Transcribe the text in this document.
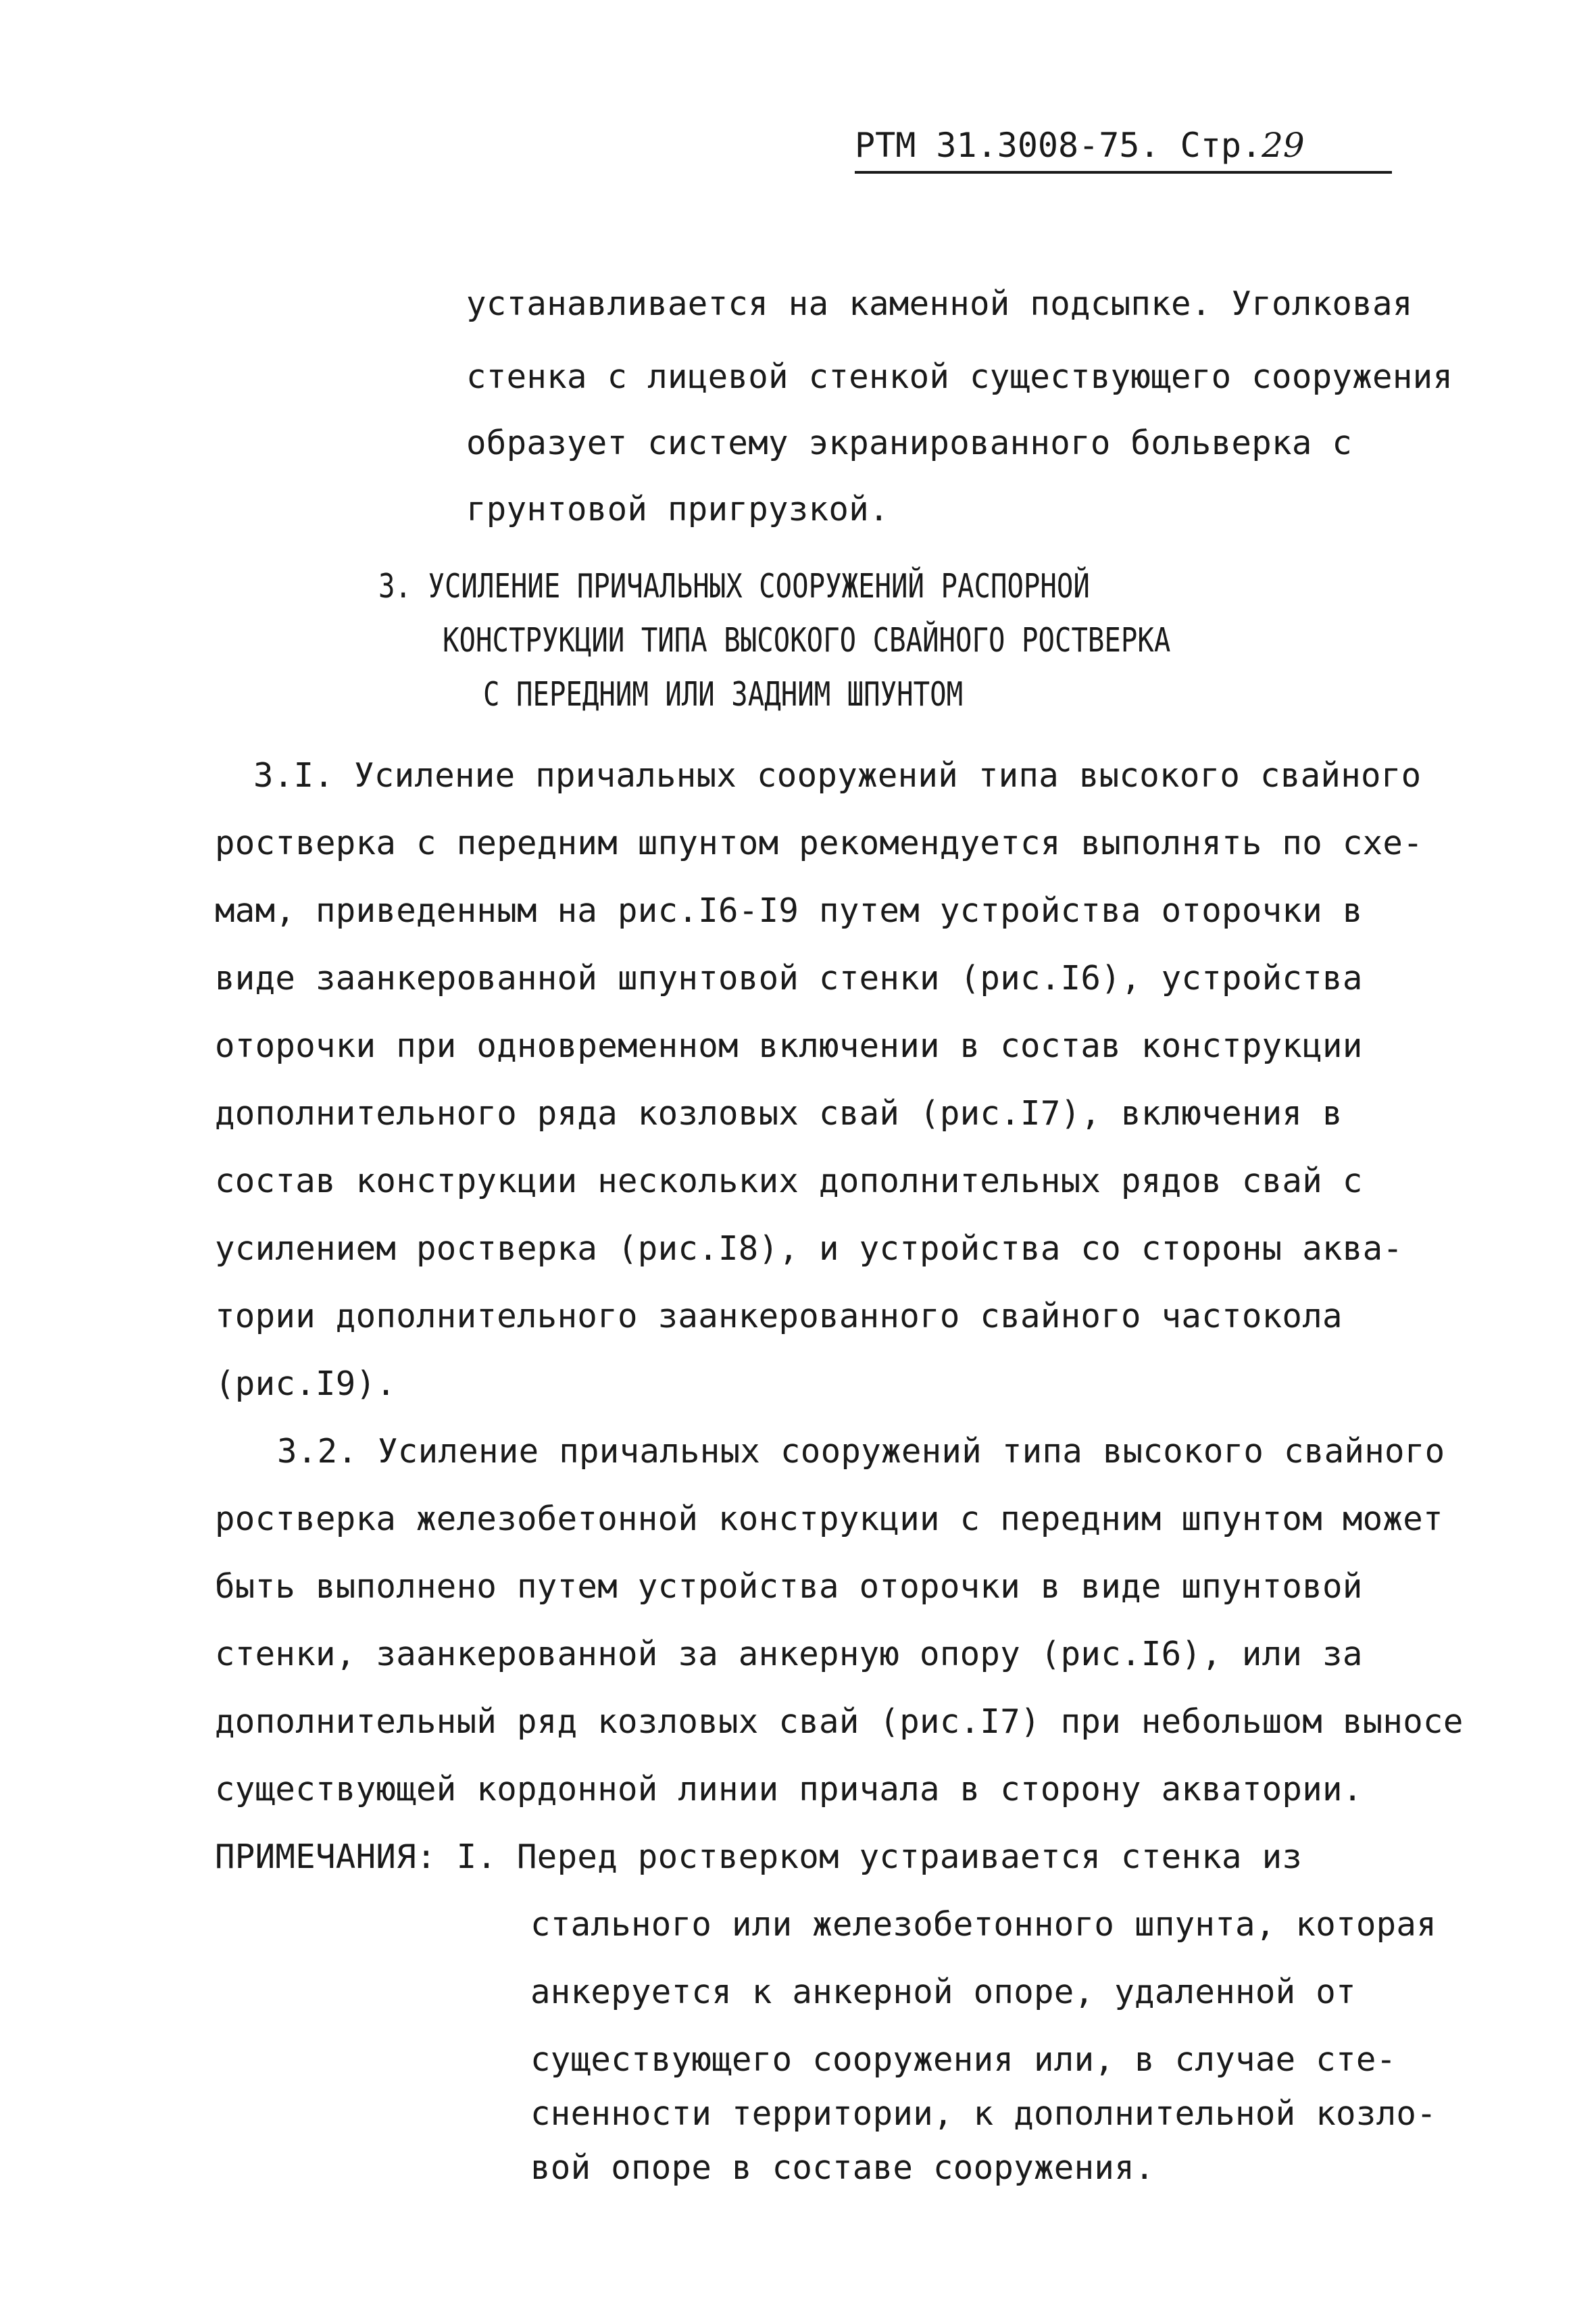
РТМ 31.3008-75. Стр.29
устанавливается на каменной подсыпке. Уголковая
стенка с лицевой стенкой существующего сооружения
образует систему экранированного больверка с
грунтовой пригрузкой.
3. УСИЛЕНИЕ ПРИЧАЛЬНЫХ СООРУЖЕНИЙ РАСПОРНОЙ
КОНСТРУКЦИИ ТИПА ВЫСОКОГО СВАЙНОГО РОСТВЕРКА
С ПЕРЕДНИМ ИЛИ ЗАДНИМ ШПУНТОМ
3.I. Усиление причальных сооружений типа высокого свайного
ростверка с передним шпунтом рекомендуется выполнять по схе-
мам, приведенным на рис.I6-I9 путем устройства оторочки в
виде заанкерованной шпунтовой стенки (рис.I6), устройства
оторочки при одновременном включении в состав конструкции
дополнительного ряда козловых свай (рис.I7), включения в
состав конструкции нескольких дополнительных рядов свай с
усилением ростверка (рис.I8), и устройства со стороны аква-
тории дополнительного заанкерованного свайного частокола
(рис.I9).
3.2. Усиление причальных сооружений типа высокого свайного
ростверка железобетонной конструкции с передним шпунтом может
быть выполнено путем устройства оторочки в виде шпунтовой
стенки, заанкерованной за анкерную опору (рис.I6), или за
дополнительный ряд козловых свай (рис.I7) при небольшом выносе
существующей кордонной линии причала в сторону акватории.
ПРИМЕЧАНИЯ: I. Перед ростверком устраивается стенка из
стального или железобетонного шпунта, которая
анкеруется к анкерной опоре, удаленной от
существующего сооружения или, в случае сте-
сненности территории, к дополнительной козло-
вой опоре в составе сооружения.
